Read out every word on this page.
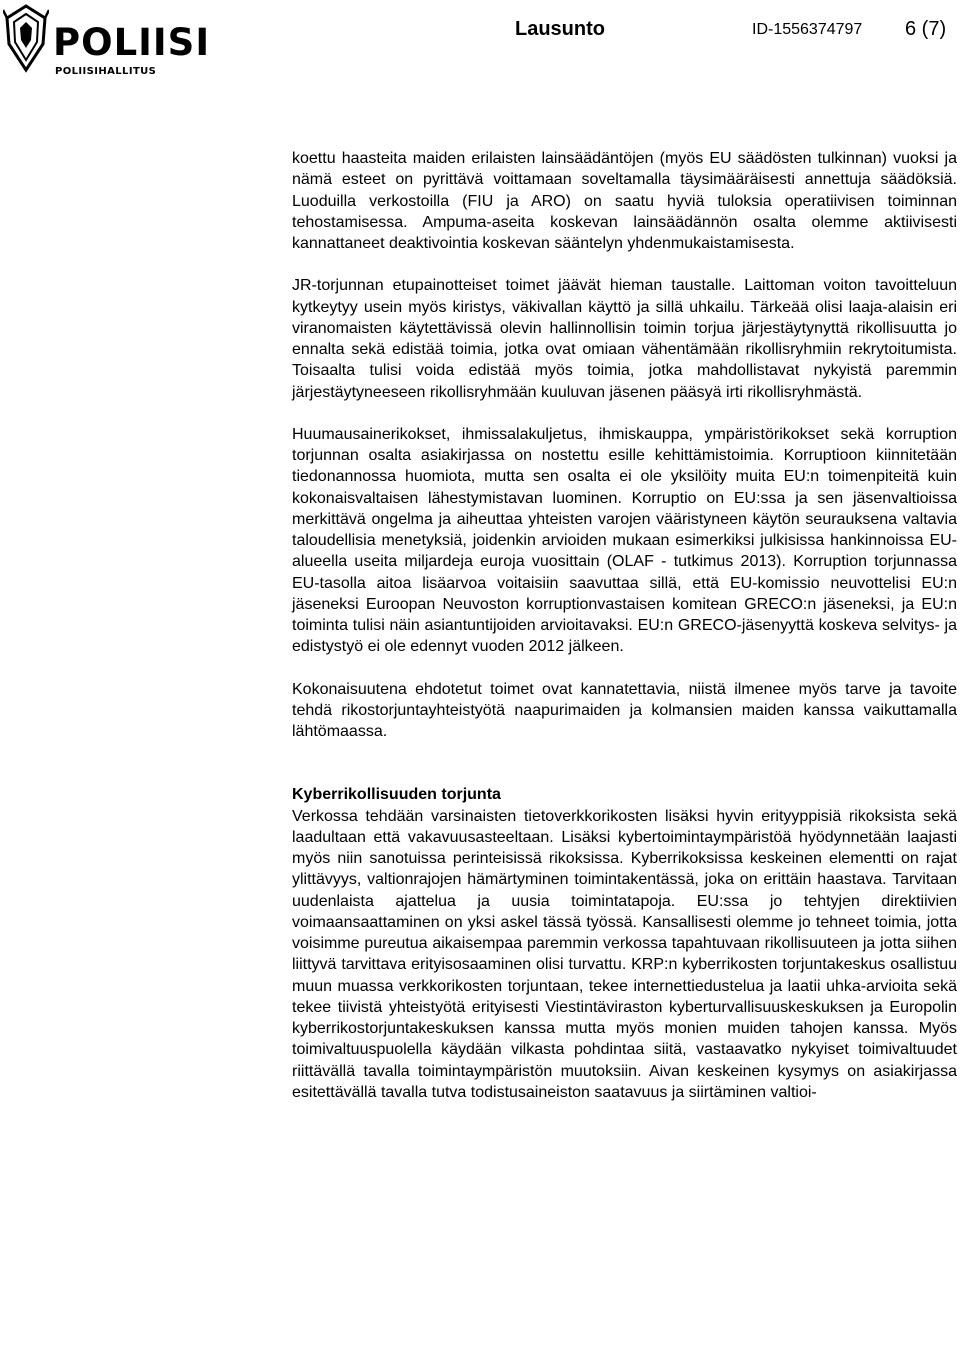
POLIISI
POLIISIHALLITUS
Lausunto	ID-1556374797 6 (7)

koettu haasteita maiden erilaisten lainsäädäntöjen (myös EU säädösten tulkinnan) vuoksi ja nämä esteet on pyrittävä voittamaan soveltamalla täysimääräisesti annettuja säädöksiä. Luoduilla verkostoilla (FIU ja ARO) on saatu hyviä tuloksia operatiivisen toiminnan tehostamisessa. Ampuma-aseita koskevan lainsäädännön osalta olemme aktiivisesti kannattaneet deaktivointia koskevan sääntelyn yhdenmukaistamisesta.

JR-torjunnan etupainotteiset toimet jäävät hieman taustalle. Laittoman voiton tavoitteluun kytkeytyy usein myös kiristys, väkivallan käyttö ja sillä uhkailu. Tärkeää olisi laaja-alaisin eri viranomaisten käytettävissä olevin hallinnollisin toimin torjua järjestäytynyttä rikollisuutta jo ennalta sekä edistää toimia, jotka ovat omiaan vähentämään rikollisryhmiin rekrytoitumista. Toisaalta tulisi voida edistää myös toimia, jotka mahdollistavat nykyistä paremmin järjestäytyneeseen rikollisryhmään kuuluvan jäsenen pääsyä irti rikollisryhmästä.

Huumausainerikokset, ihmissalakuljetus, ihmiskauppa, ympäristörikokset sekä korruption torjunnan osalta asiakirjassa on nostettu esille kehittämistoimia. Korruptioon kiinnitetään tiedonannossa huomiota, mutta sen osalta ei ole yksilöity muita EU:n toimenpiteitä kuin kokonaisvaltaisen lähestymistavan luominen. Korruptio on EU:ssa ja sen jäsenvaltioissa merkittävä ongelma ja aiheuttaa yhteisten varojen vääristyneen käytön seurauksena valtavia taloudellisia menetyksiä, joidenkin arvioiden mukaan esimerkiksi julkisissa hankinnoissa EU-alueella useita miljardeja euroja vuosittain (OLAF - tutkimus 2013). Korruption torjunnassa EU-tasolla aitoa lisäarvoa voitaisiin saavuttaa sillä, että EU-komissio neuvottelisi EU:n jäseneksi Euroopan Neuvoston korruptionvastaisen komitean GRECO:n jäseneksi, ja EU:n toiminta tulisi näin asiantuntijoiden arvioitavaksi. EU:n GRECO-jäsenyyttä koskeva selvitys- ja edistystyö ei ole edennyt vuoden 2012 jälkeen.

Kokonaisuutena ehdotetut toimet ovat kannatettavia, niistä ilmenee myös tarve ja tavoite tehdä rikostorjuntayhteistyötä naapurimaiden ja kolmansien maiden kanssa vaikuttamalla lähtömaassa.

Kyberrikollisuuden torjunta

Verkossa tehdään varsinaisten tietoverkkorikosten lisäksi hyvin erityyppisiä rikoksista sekä laadultaan että vakavuusasteeltaan. Lisäksi kybertoimintaympäristöä hyödynnetään laajasti myös niin sanotuissa perinteisissä rikoksissa. Kyberrikoksissa keskeinen elementti on rajat ylittävyys, valtionrajojen hämärtyminen toimintakentässä, joka on erittäin haastava. Tarvitaan uudenlaista ajattelua ja uusia toimintatapoja. EU:ssa jo tehtyjen direktiivien voimaansaattaminen on yksi askel tässä työssä. Kansallisesti olemme jo tehneet toimia, jotta voisimme pureutua aikaisempaa paremmin verkossa tapahtuvaan rikollisuuteen ja jotta siihen liittyvä tarvittava erityisosaaminen olisi turvattu. KRP:n kyberrikosten torjuntakeskus osallistuu muun muassa verkkorikosten torjuntaan, tekee internettiedustelua ja laatii uhka-arvioita sekä tekee tiivistä yhteistyötä erityisesti Viestintäviraston kyberturvallisuuskeskuksen ja Europolin kyberrikostorjuntakeskuksen kanssa mutta myös monien muiden tahojen kanssa. Myös toimivaltuuspuolella käydään vilkasta pohdintaa siitä, vastaavatko nykyiset toimivaltuudet riittävällä tavalla toimintaympäristön muutoksiin. Aivan keskeinen kysymys on asiakirjassa esitettävällä tavalla tutva todistusaineiston saatavuus ja siirtäminen valtioi-
